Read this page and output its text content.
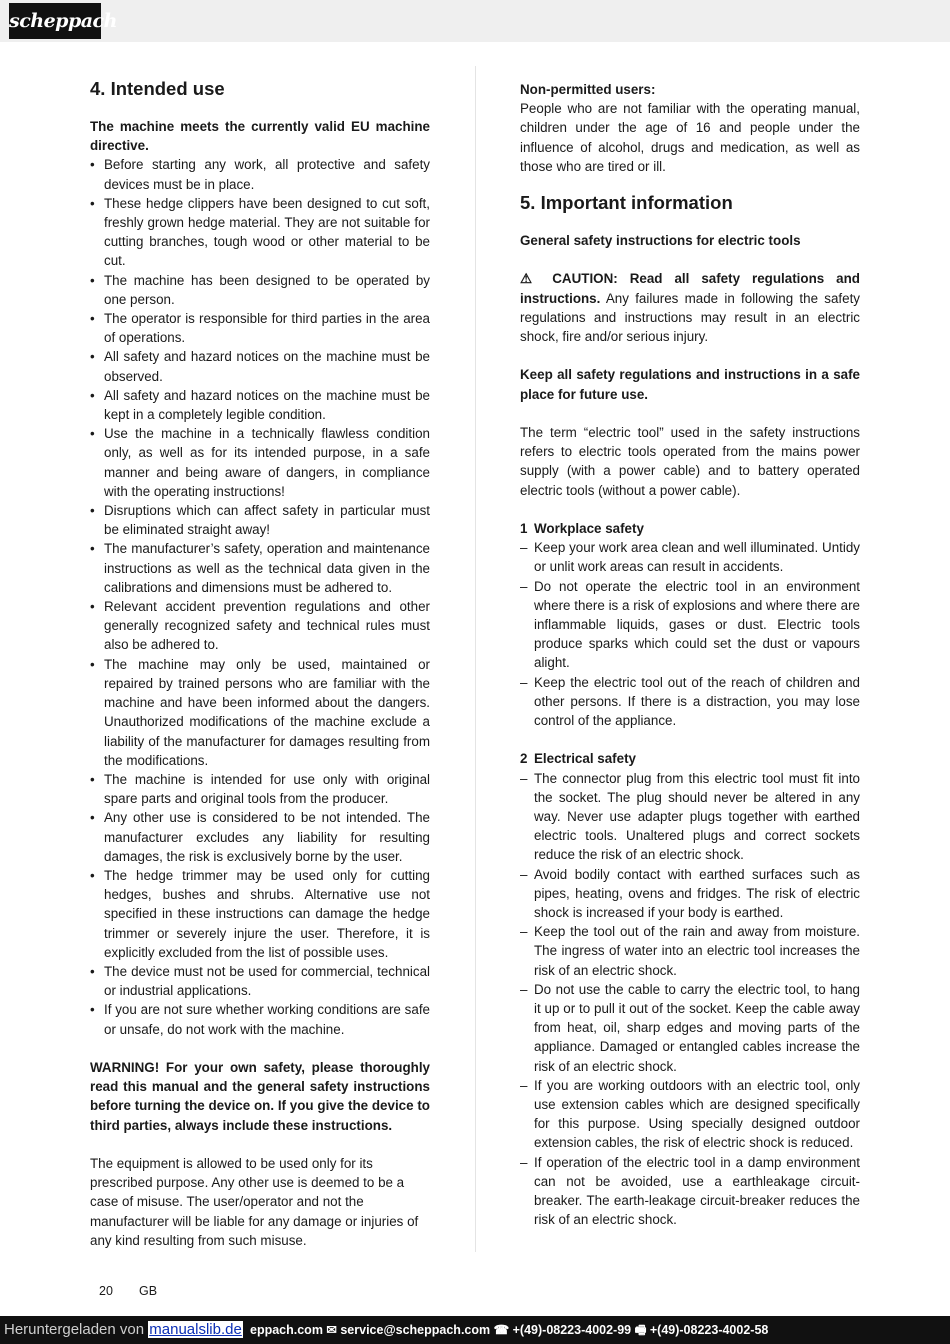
scheppach
4. Intended use

The machine meets the currently valid EU machine directive.

• Before starting any work, all protective and safety devices must be in place.
• These hedge clippers have been designed to cut soft, freshly grown hedge material. They are not suitable for cutting branches, tough wood or other material to be cut.
• The machine has been designed to be operated by one person.
• The operator is responsible for third parties in the area of operations.
• All safety and hazard notices on the machine must be observed.
• All safety and hazard notices on the machine must be kept in a completely legible condition.
• Use the machine in a technically flawless condition only, as well as for its intended purpose, in a safe manner and being aware of dangers, in compliance with the operating instructions!
• Disruptions which can affect safety in particular must be eliminated straight away!
• The manufacturer’s safety, operation and maintenance instructions as well as the technical data given in the calibrations and dimensions must be adhered to.
• Relevant accident prevention regulations and other generally recognized safety and technical rules must also be adhered to.
• The machine may only be used, maintained or repaired by trained persons who are familiar with the machine and have been informed about the dangers. Unauthorized modifications of the machine exclude a liability of the manufacturer for damages resulting from the modifications.
• The machine is intended for use only with original spare parts and original tools from the producer.
• Any other use is considered to be not intended. The manufacturer excludes any liability for resulting damages, the risk is exclusively borne by the user.
• The hedge trimmer may be used only for cutting hedges, bushes and shrubs. Alternative use not specified in these instructions can damage the hedge trimmer or severely injure the user. Therefore, it is explicitly excluded from the list of possible uses.
• The device must not be used for commercial, technical or industrial applications.
• If you are not sure whether working conditions are safe or unsafe, do not work with the machine.

WARNING! For your own safety, please thoroughly read this manual and the general safety instructions before turning the device on. If you give the device to third parties, always include these instructions.

The equipment is allowed to be used only for its prescribed purpose. Any other use is deemed to be a case of misuse. The user/operator and not the manufacturer will be liable for any damage or injuries of any kind resulting from such misuse.

Non-permitted users:

People who are not familiar with the operating manual, children under the age of 16 and people under the influence of alcohol, drugs and medication, as well as those who are tired or ill.

5. Important information

General safety instructions for electric tools

⚠ CAUTION: Read all safety regulations and instructions. Any failures made in following the safety regulations and instructions may result in an electric shock, fire and/or serious injury.

Keep all safety regulations and instructions in a safe place for future use.

The term “electric tool” used in the safety instructions refers to electric tools operated from the mains power supply (with a power cable) and to battery operated electric tools (without a power cable).

1 Workplace safety

– Keep your work area clean and well illuminated. Untidy or unlit work areas can result in accidents.
– Do not operate the electric tool in an environment where there is a risk of explosions and where there are inflammable liquids, gases or dust. Electric tools produce sparks which could set the dust or vapours alight.
– Keep the electric tool out of the reach of children and other persons. If there is a distraction, you may lose control of the appliance.

2 Electrical safety

– The connector plug from this electric tool must fit into the socket. The plug should never be altered in any way. Never use adapter plugs together with earthed electric tools. Unaltered plugs and correct sockets reduce the risk of an electric shock.
– Avoid bodily contact with earthed surfaces such as pipes, heating, ovens and fridges. The risk of electric shock is increased if your body is earthed.
– Keep the tool out of the rain and away from moisture. The ingress of water into an electric tool increases the risk of an electric shock.
– Do not use the cable to carry the electric tool, to hang it up or to pull it out of the socket. Keep the cable away from heat, oil, sharp edges and moving parts of the appliance. Damaged or entangled cables increase the risk of an electric shock.
– If you are working outdoors with an electric tool, only use extension cables which are designed specifically for this purpose. Using specially designed outdoor extension cables, the risk of electric shock is reduced.
– If operation of the electric tool in a damp environment can not be avoided, use a earthleakage circuit-breaker. The earth-leakage circuit-breaker reduces the risk of an electric shock.
20 GB
eppach.com ✉ service@scheppach.com ☎ +(49)-08223-4002-99 🖷 +(49)-08223-4002-58
Heruntergeladen von manualslib.de
